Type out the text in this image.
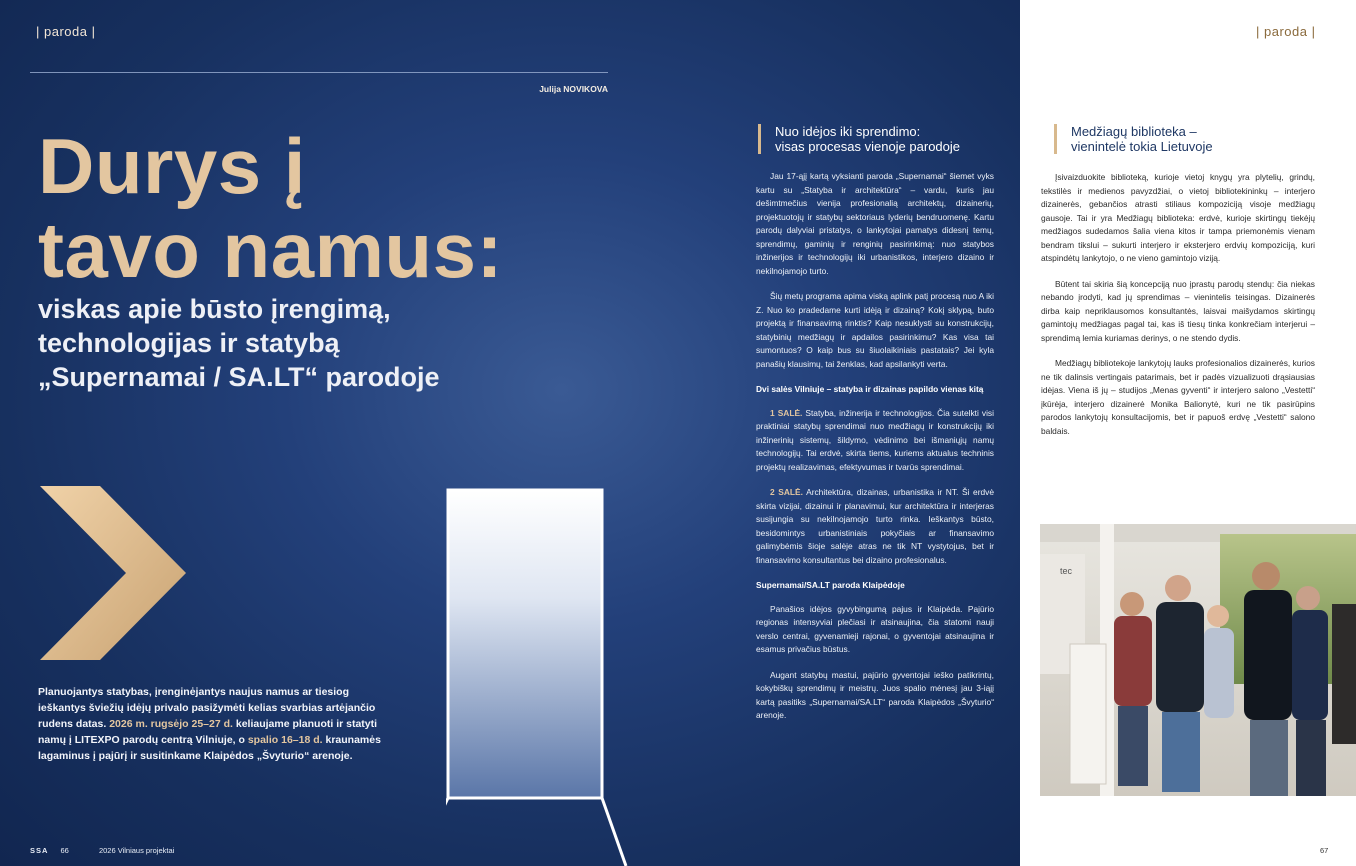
| paroda |
Julija NOVIKOVA
Durys į
tavo namus:
viskas apie būsto įrengimą,
technologijas ir statybą
„Supernamai / SA.LT“ parodoje

Planuojantys statybas, įrenginėjantys naujus namus ar tiesiog ieškantys šviežių idėjų privalo pasižymėti kelias svarbias artėjančio rudens datas. 2026 m. rugsėjo 25–27 d. keliaujame planuoti ir statyti namų į LITEXPO parodų centrą Vilniuje, o spalio 16–18 d. kraunamės lagaminus į pajūrį ir susitinkame Klaipėdos „Švyturio“ arenoje.

Nuo idėjos iki sprendimo:
visas procesas vienoje parodoje

Jau 17-ąjį kartą vyksianti paroda „Supernamai“ šiemet vyks kartu su „Statyba ir architektūra“ – vardu, kuris jau dešimtmečius vienija profesionalią architektų, dizainerių, projektuotojų ir statybų sektoriaus lyderių bendruomenę. Kartu parodų dalyviai pristatys, o lankytojai pamatys didesnį temų, sprendimų, gaminių ir renginių pasirinkimą: nuo statybos inžinerijos ir technologijų iki urbanistikos, interjero dizaino ir nekilnojamojo turto.

Šių metų programa apima viską aplink patį procesą nuo A iki Z. Nuo ko pradedame kurti idėją ir dizainą? Kokį sklypą, buto projektą ir finansavimą rinktis? Kaip nesuklysti su konstrukcijų, statybinių medžiagų ir apdailos pasirinkimu? Kas visa tai sumontuos? O kaip bus su šiuolaikiniais pastatais? Jei kyla panašių klausimų, tai ženklas, kad apsilankyti verta.

Dvi salės Vilniuje – statyba ir dizainas papildo vienas kitą

1 SALĖ. Statyba, inžinerija ir technologijos. Čia sutelkti visi praktiniai statybų sprendimai nuo medžiagų ir konstrukcijų iki inžinerinių sistemų, šildymo, vėdinimo bei išmaniųjų namų technologijų. Tai erdvė, skirta tiems, kuriems aktualus techninis projektų realizavimas, efektyvumas ir tvarūs sprendimai.

2 SALĖ. Architektūra, dizainas, urbanistika ir NT. Ši erdvė skirta vizijai, dizainui ir planavimui, kur architektūra ir interjeras susijungia su nekilnojamojo turto rinka. Ieškantys būsto, besidomintys urbanistiniais pokyčiais ar finansavimo galimybėmis šioje salėje atras ne tik NT vystytojus, bet ir finansavimo konsultantus bei dizaino profesionalus.

Supernamai/SA.LT paroda Klaipėdoje

Panašios idėjos gyvybingumą pajus ir Klaipėda. Pajūrio regionas intensyviai plečiasi ir atsinaujina, čia statomi nauji verslo centrai, gyvenamieji rajonai, o gyventojai atsinaujina ir esamus privačius būstus.

Augant statybų mastui, pajūrio gyventojai ieško patikrintų, kokybiškų sprendimų ir meistrų. Juos spalio mėnesį jau 3-iąjį kartą pasitiks „Supernamai/SA.LT“ paroda Klaipėdos „Švyturio“ arenoje.

SSA 66	2026 Vilniaus projektai
| paroda |
Medžiagų biblioteka –
vienintelė tokia Lietuvoje

Įsivaizduokite biblioteką, kurioje vietoj knygų yra plytelių, grindų, tekstilės ir medienos pavyzdžiai, o vietoj bibliotekininkų – interjero dizainerės, gebančios atrasti stiliaus kompoziciją visoje medžiagų gausoje. Tai ir yra Medžiagų biblioteka: erdvė, kurioje skirtingų tiekėjų medžiagos sudedamos šalia viena kitos ir tampa priemonėmis vienam bendram tikslui – sukurti interjero ir eksterjero erdvių kompoziciją, kuri atspindėtų lankytojo, o ne vieno gamintojo viziją.

Būtent tai skiria šią koncepciją nuo įprastų parodų stendų: čia niekas nebando įrodyti, kad jų sprendimas – vienintelis teisingas. Dizainerės dirba kaip nepriklausomos konsultantės, laisvai maišydamos skirtingų gamintojų medžiagas pagal tai, kas iš tiesų tinka konkrečiam interjerui – sprendimą lemia kuriamas derinys, o ne stendo dydis.

Medžiagų bibliotekoje lankytojų lauks profesionalios dizainerės, kurios ne tik dalinsis vertingais patarimais, bet ir padės vizualizuoti drąsiausias idėjas. Viena iš jų – studijos „Menas gyventi“ ir interjero salono „Vestetti“ įkūrėja, interjero dizainerė Monika Balionytė, kuri ne tik pasirūpins parodos lankytojų konsultacijomis, bet ir papuoš erdvę „Vestetti“ salono baldais.

tec
67
